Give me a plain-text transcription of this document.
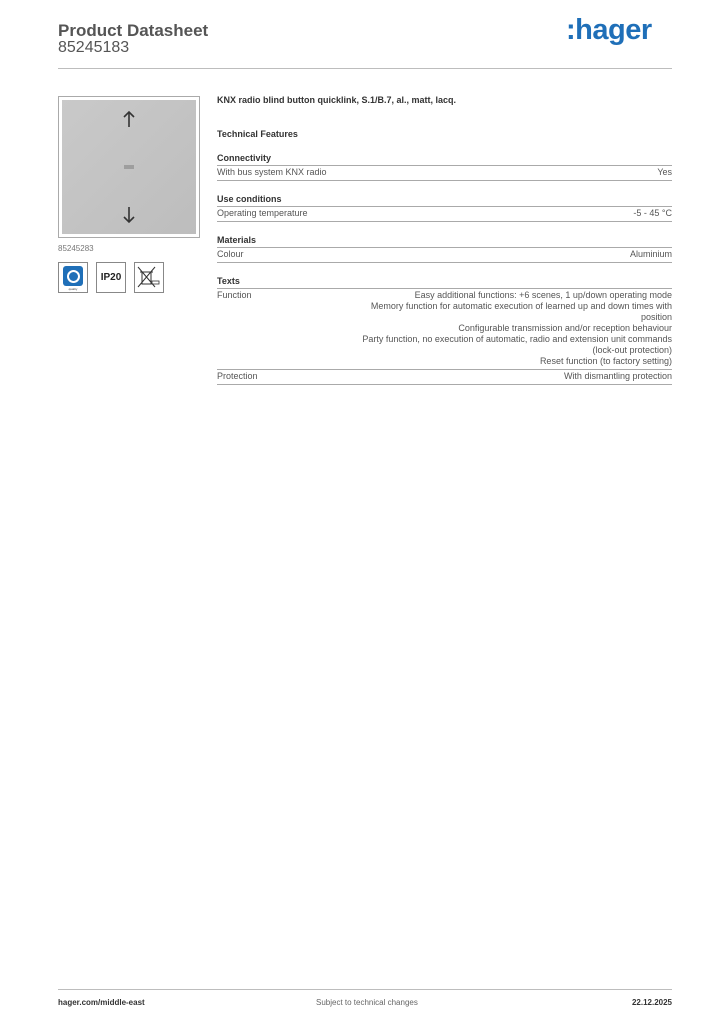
Product Datasheet
85245183
:hager
85245283
quality
IP20
KNX radio blind button quicklink, S.1/B.7, al., matt, lacq.
Technical Features
Connectivity
With bus system KNX radio	Yes
Use conditions
Operating temperature	-5 - 45 °C
Materials
Colour	Aluminium
Texts
Function	Easy additional functions: +6 scenes, 1 up/down operating mode
Memory function for automatic execution of learned up and down times with
position
Configurable transmission and/or reception behaviour
Party function, no execution of automatic, radio and extension unit commands
(lock-out protection)
Reset function (to factory setting)
Protection	With dismantling protection
hager.com/middle-east	Subject to technical changes	22.12.2025
